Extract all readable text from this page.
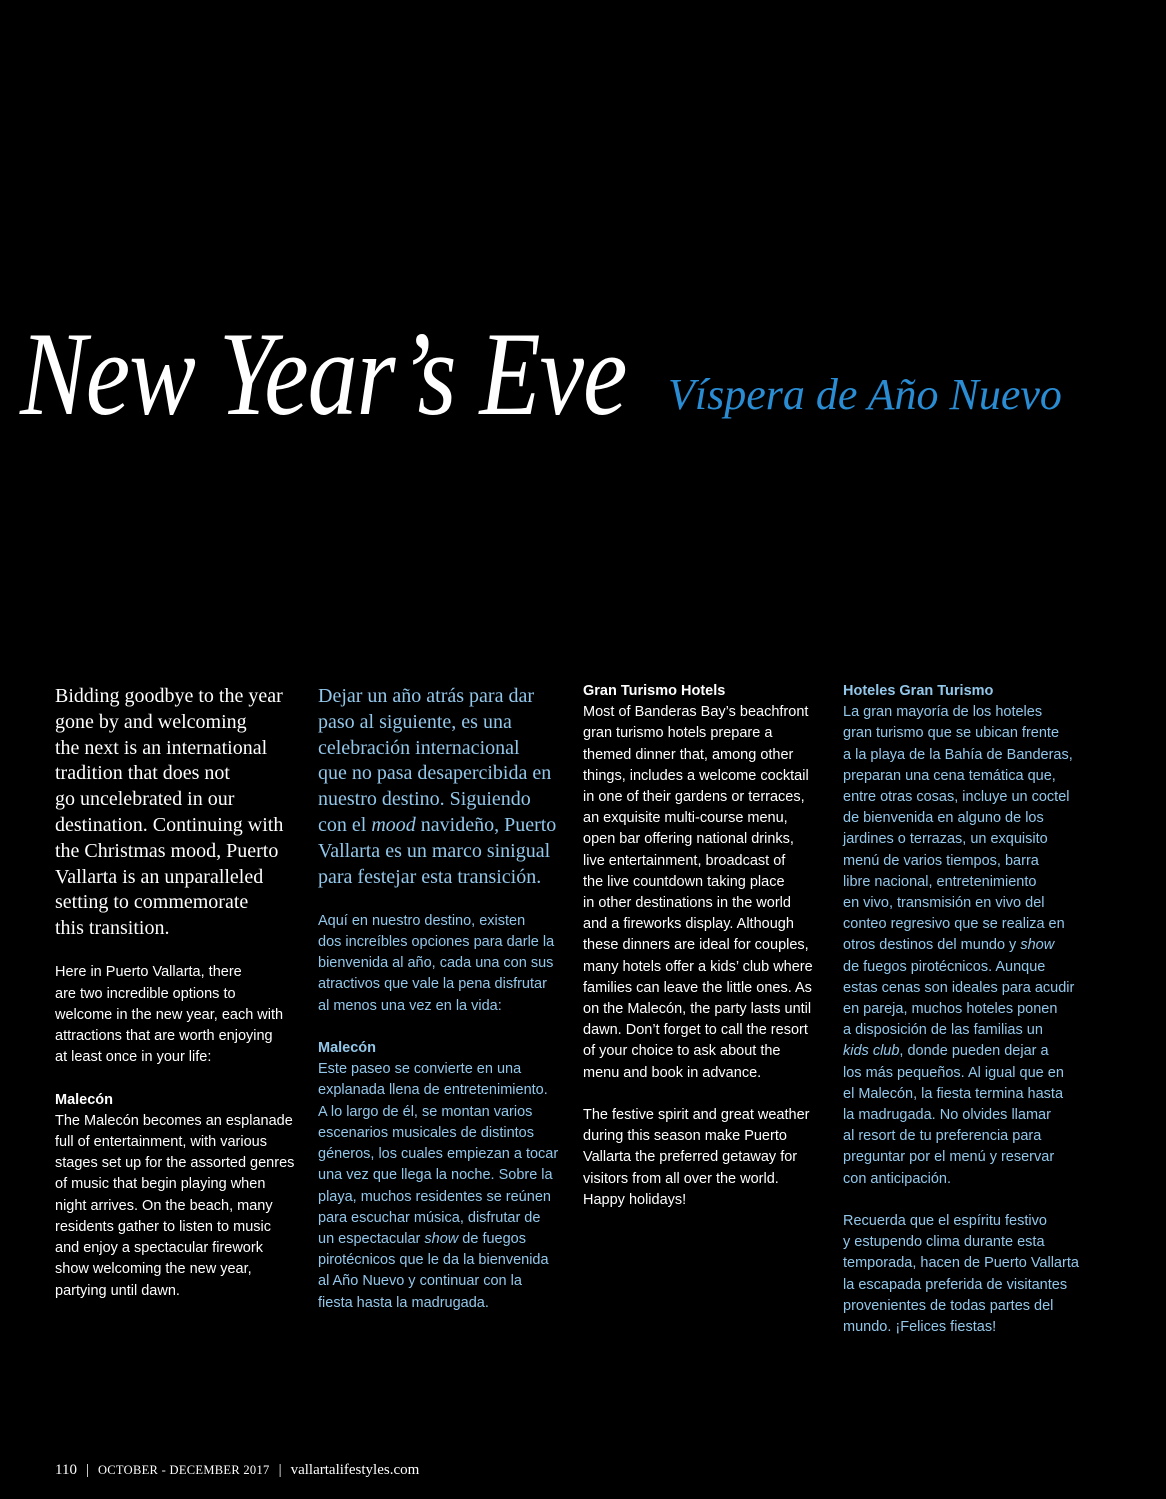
New Year’s Eve Víspera de Año Nuevo
Bidding goodbye to the year
gone by and welcoming
the next is an international
tradition that does not
go uncelebrated in our
destination. Continuing with
the Christmas mood, Puerto
Vallarta is an unparalleled
setting to commemorate
this transition.
Here in Puerto Vallarta, there
are two incredible options to
welcome in the new year, each with
attractions that are worth enjoying
at least once in your life:
Malecón
The Malecón becomes an esplanade
full of entertainment, with various
stages set up for the assorted genres
of music that begin playing when
night arrives. On the beach, many
residents gather to listen to music
and enjoy a spectacular firework
show welcoming the new year,
partying until dawn.
Dejar un año atrás para dar
paso al siguiente, es una
celebración internacional
que no pasa desapercibida en
nuestro destino. Siguiendo
con el mood navideño, Puerto
Vallarta es un marco sinigual
para festejar esta transición.
Aquí en nuestro destino, existen
dos increíbles opciones para darle la
bienvenida al año, cada una con sus
atractivos que vale la pena disfrutar
al menos una vez en la vida:
Malecón
Este paseo se convierte en una
explanada llena de entretenimiento.
A lo largo de él, se montan varios
escenarios musicales de distintos
géneros, los cuales empiezan a tocar
una vez que llega la noche. Sobre la
playa, muchos residentes se reúnen
para escuchar música, disfrutar de
un espectacular show de fuegos
pirotécnicos que le da la bienvenida
al Año Nuevo y continuar con la
fiesta hasta la madrugada.
Gran Turismo Hotels
Most of Banderas Bay’s beachfront
gran turismo hotels prepare a
themed dinner that, among other
things, includes a welcome cocktail
in one of their gardens or terraces,
an exquisite multi-course menu,
open bar offering national drinks,
live entertainment, broadcast of
the live countdown taking place
in other destinations in the world
and a fireworks display. Although
these dinners are ideal for couples,
many hotels offer a kids’ club where
families can leave the little ones. As
on the Malecón, the party lasts until
dawn. Don’t forget to call the resort
of your choice to ask about the
menu and book in advance.
The festive spirit and great weather
during this season make Puerto
Vallarta the preferred getaway for
visitors from all over the world.
Happy holidays!
Hoteles Gran Turismo
La gran mayoría de los hoteles
gran turismo que se ubican frente
a la playa de la Bahía de Banderas,
preparan una cena temática que,
entre otras cosas, incluye un coctel
de bienvenida en alguno de los
jardines o terrazas, un exquisito
menú de varios tiempos, barra
libre nacional, entretenimiento
en vivo, transmisión en vivo del
conteo regresivo que se realiza en
otros destinos del mundo y show
de fuegos pirotécnicos. Aunque
estas cenas son ideales para acudir
en pareja, muchos hoteles ponen
a disposición de las familias un
kids club, donde pueden dejar a
los más pequeños. Al igual que en
el Malecón, la fiesta termina hasta
la madrugada. No olvides llamar
al resort de tu preferencia para
preguntar por el menú y reservar
con anticipación.
Recuerda que el espíritu festivo
y estupendo clima durante esta
temporada, hacen de Puerto Vallarta
la escapada preferida de visitantes
provenientes de todas partes del
mundo. ¡Felices fiestas!
110 | OCTOBER - DECEMBER 2017 | vallartalifestyles.com
